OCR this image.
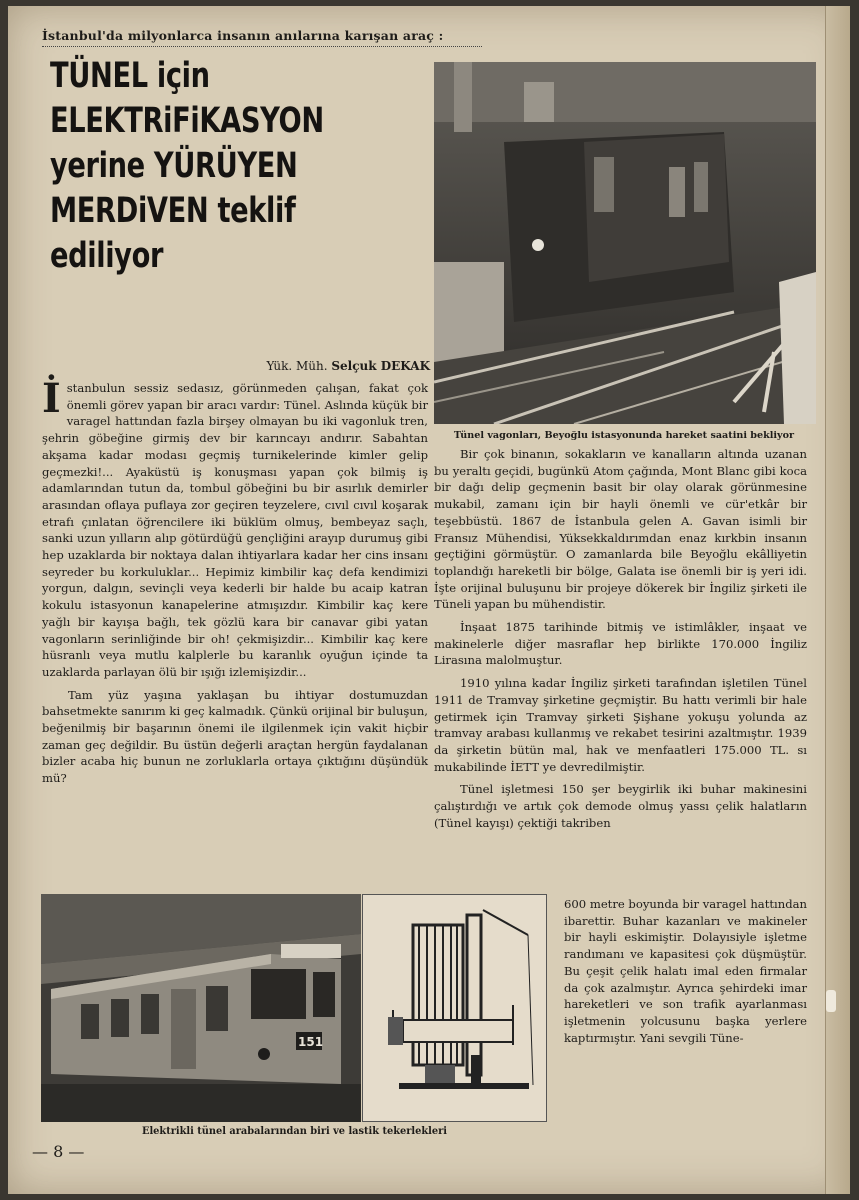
İstanbul'da milyonlarca insanın anılarına karışan araç :
TÜNEL için
ELEKTRiFiKASYON
yerine YÜRÜYEN
MERDiVEN teklif
ediliyor
Yük. Müh. Selçuk DEKAK
Tünel vagonları, Beyoğlu istasyonunda hareket saatini bekliyor

İstanbulun sessiz sedasız, görünmeden çalışan, fakat çok önemli görev yapan bir aracı vardır: Tünel. Aslında küçük bir varagel hattından fazla birşey olmayan bu iki vagonluk tren, şehrin göbeğine girmiş dev bir karıncayı andırır. Sabahtan akşama kadar modası geçmiş turnikelerinde kimler gelip geçmezki!... Ayaküstü iş konuşması yapan çok bilmiş iş adamlarından tutun da, tombul göbeğini bu bir asırlık demirler arasından oflaya puflaya zor geçiren teyzelere, cıvıl cıvıl koşarak etrafı çınlatan öğrencilere iki büklüm olmuş, bembeyaz saçlı, sanki uzun yılların alıp götürdüğü gençliğini arayıp durumuş gibi hep uzaklarda bir noktaya dalan ihtiyarlara kadar her cins insanı seyreder bu korkuluklar... Hepimiz kimbilir kaç defa kendimizi yorgun, dalgın, sevinçli veya kederli bir halde bu acaip katran kokulu istasyonun kanapelerine atmışızdır. Kimbilir kaç kere yağlı bir kayışa bağlı, tek gözlü kara bir canavar gibi yatan vagonların serinliğinde bir oh! çekmişizdir... Kimbilir kaç kere hüsranlı veya mutlu kalplerle bu karanlık oyuğun içinde ta uzaklarda parlayan ölü bir ışığı izlemişizdir...

Tam yüz yaşına yaklaşan bu ihtiyar dostumuzdan bahsetmekte sanırım ki geç kalmadık. Çünkü orijinal bir buluşun, beğenilmiş bir başarının önemi ile ilgilenmek için vakit hiçbir zaman geç değildir. Bu üstün değerli araçtan hergün faydalanan bizler acaba hiç bunun ne zorluklarla ortaya çıktığını düşündük mü?

Bir çok binanın, sokakların ve kanalların altında uzanan bu yeraltı geçidi, bugünkü Atom çağında, Mont Blanc gibi koca bir dağı delip geçmenin basit bir olay olarak görünmesine mukabil, zamanı için bir hayli önemli ve cür'etkâr bir teşebbüstü. 1867 de İstanbula gelen A. Gavan isimli bir Fransız Mühendisi, Yüksekkaldırımdan enaz kırkbin insanın geçtiğini görmüştür. O zamanlarda bile Beyoğlu ekâlliyetin toplandığı hareketli bir bölge, Galata ise önemli bir iş yeri idi. İşte orijinal buluşunu bir projeye dökerek bir İngiliz şirketi ile Tüneli yapan bu mühendistir.

İnşaat 1875 tarihinde bitmiş ve istimlâkler, inşaat ve makinelerle diğer masraflar hep birlikte 170.000 İngiliz Lirasına malolmuştur.

1910 yılına kadar İngiliz şirketi tarafından işletilen Tünel 1911 de Tramvay şirketine geçmiştir. Bu hattı verimli bir hale getirmek için Tramvay şirketi Şişhane yokuşu yolunda az tramvay arabası kullanmış ve rekabet tesirini azaltmıştır. 1939 da şirketin bütün mal, hak ve menfaatleri 175.000 TL. sı mukabilinde İETT ye devredilmiştir.

Tünel işletmesi 150 şer beygirlik iki buhar makinesini çalıştırdığı ve artık çok demode olmuş yassı çelik halatların (Tünel kayışı) çektiği takriben

600 metre boyunda bir varagel hattından ibarettir. Buhar kazanları ve makineler bir hayli eskimiştir. Dolayısiyle işletme randımanı ve kapasitesi çok düşmüştür. Bu çeşit çelik halatı imal eden firmalar da çok azalmıştır. Ayrıca şehirdeki imar hareketleri ve son trafik ayarlanması işletmenin yolcusunu başka yerlere kaptırmıştır. Yani sevgili Tüne-

151
Elektrikli tünel arabalarından biri ve lastik tekerlekleri
— 8 —
